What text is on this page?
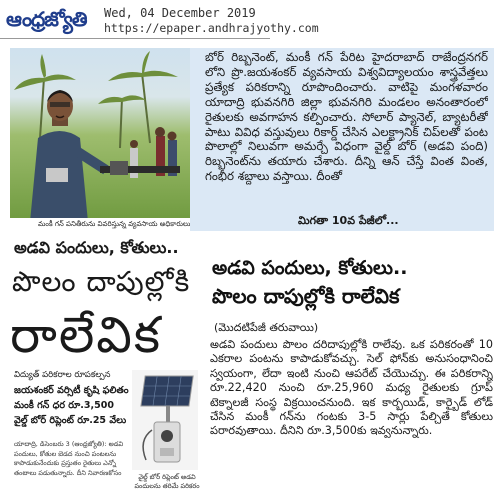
ఆంధ్రజ్యోతి	Wed, 04 December 2019
https://epaper.andhrajyothy.com
మంకీ గన్ పనితీరును వివరిస్తున్న వ్యవసాయ అధికారులు

బోర్ రిబ్బనెంట్, మంకీ గన్ పేరిట హైదరాబాద్ రాజేంద్రనగర్ లోని ప్రొ.జయశంకర్ వ్యవసాయ విశ్వవిద్యాలయం శాస్త్రవేత్తలు ప్రత్యేక పరికరాన్ని రూపొందించారు. వాటిపై మంగళవారం యాదాద్రి భువనగిరి జిల్లా భువనగిరి మండలం అనంతారంలో రైతులకు అవగాహన కల్పించారు. సోలార్ ప్యానెల్, బ్యాటరీతో పాటు వివిధ వస్తువులు రికార్డ్ చేసిన ఎలక్ట్రానిక్ చిప్‌లతో పంట పొలాల్లో నిలువగా అమర్చే విధంగా వైల్డ్ బోర్ (అడవి పంది) రిబ్బనెంట్‌ను తయారు చేశారు. దీన్ని ఆన్ చేస్తే వింత వింత, గంభీర శబ్దాలు వస్తాయి. దీంతో

మిగతా 10వ పేజీలో...
అడవి పందులు, కోతులు..
పొలం దాపుల్లోకి
రాలేవిక
విద్యుత్ పరికరాల రూపకల్పన
జయశంకర్ వర్సిటీ కృషి ఫలితం
మంకీ గన్ ధర రూ.3,500
వైల్డ్ బోర్ రిప్లెంట్ రూ.25 వేలు
యాదాద్రి, డిసెంబరు 3 (ఆంధ్రజ్యోతి): అడవి పందులు, కోతుల బెడద నుంచి పంటలను కాపాడుకునేందుకు ప్రస్తుతం రైతులు ఎన్నో తంటాలు పడుతున్నారు. దీని నివారణకోసం
వైల్డ్ బోర్ రిప్లెంట్ అడవి పందులను తరిమే పరికరం
అడవి పందులు, కోతులు..
పొలం దాపుల్లోకి రాలేవిక
(మొదటిపేజీ తరువాయి)
అడవి పందులు పొలం దరిదాపుల్లోకి రాలేవు. ఒక పరికరంతో 10 ఎకరాల పంటను కాపాడుకోవచ్చు. సెల్ ఫోన్‌కు అనుసంధానించి స్వయంగా, లేదా ఇంటి నుంచి ఆపరేట్ చేయొచ్చు. ఈ పరికరాన్ని రూ.22,420 నుంచి రూ.25,960 మధ్య రైతులకు గ్రూప్ టెక్నాలజీ సంస్థ విక్రయించనుంది. ఇక కార్బయిడ్, కార్బైడ్ లోడ్ చేసిన మంకీ గన్‌ను గంటకు 3-5 సార్లు పేల్చితే కోతులు పరారవుతాయి. దీనిని రూ.3,500కు ఇవ్వనున్నారు.
